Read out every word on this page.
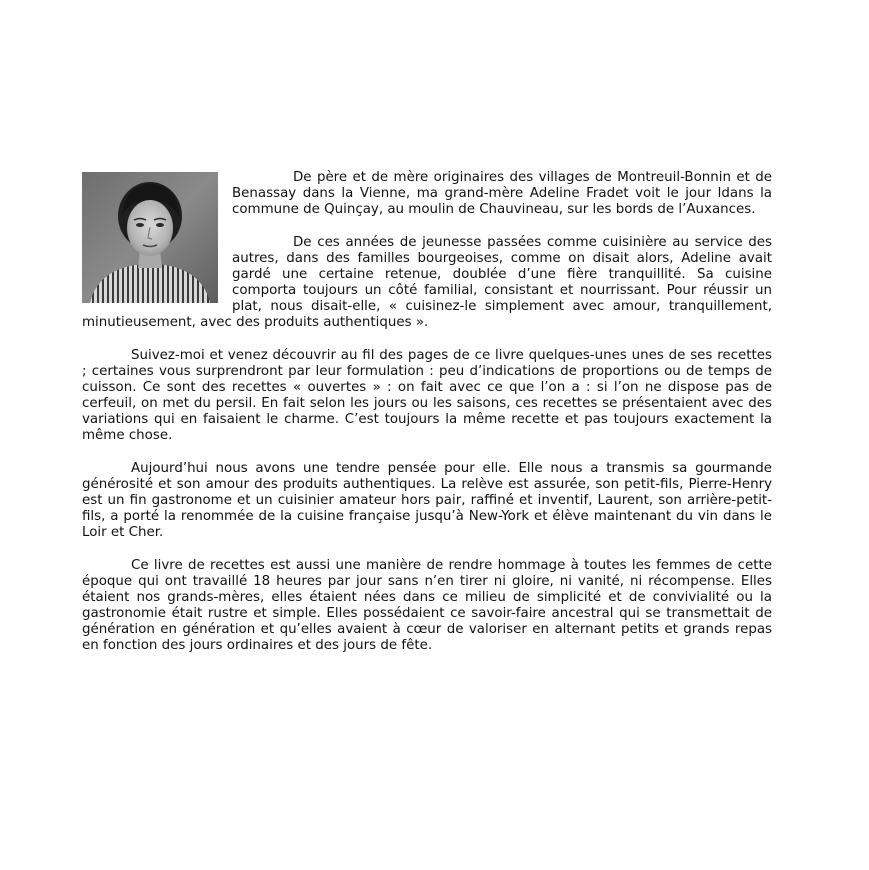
De père et de mère originaires des villages de Montreuil-Bonnin et de Benassay dans la Vienne, ma grand-mère Adeline Fradet voit le jour ldans la commune de Quinçay, au moulin de Chauvineau, sur les bords de l’Auxances.

De ces années de jeunesse passées comme cuisinière au service des autres, dans des familles bourgeoises, comme on disait alors, Adeline avait gardé une certaine retenue, doublée d’une fière tranquillité. Sa cuisine comporta toujours un côté familial, consistant et nourrissant. Pour réussir un plat, nous disait-elle, « cuisinez-le simplement avec amour, tranquillement, minutieusement, avec des produits authentiques ».

Suivez-moi et venez découvrir au fil des pages de ce livre quelques-unes unes de ses recettes ; certaines vous surprendront par leur formulation : peu d’indications de proportions ou de temps de cuisson. Ce sont des recettes « ouvertes » : on fait avec ce que l’on a : si l’on ne dispose pas de cerfeuil, on met du persil. En fait selon les jours ou les saisons, ces recettes se présentaient avec des variations qui en faisaient le charme. C’est toujours la même recette et pas toujours exactement la même chose.

Aujourd’hui nous avons une tendre pensée pour elle. Elle nous a transmis sa gourmande générosité et son amour des produits authentiques. La relève est assurée, son petit-fils, Pierre-Henry est un fin gastronome et un cuisinier amateur hors pair, raffiné et inventif, Laurent, son arrière-petit-fils, a porté la renommée de la cuisine française jusqu’à New-York et élève maintenant du vin dans le Loir et Cher.

Ce livre de recettes est aussi une manière de rendre hommage à toutes les femmes de cette époque qui ont travaillé 18 heures par jour sans n’en tirer ni gloire, ni vanité, ni récompense. Elles étaient nos grands-mères, elles étaient nées dans ce milieu de simplicité et de convivialité ou la gastronomie était rustre et simple. Elles possédaient ce savoir-faire ancestral qui se transmettait de génération en génération et qu’elles avaient à cœur de valoriser en alternant petits et grands repas en fonction des jours ordinaires et des jours de fête.
